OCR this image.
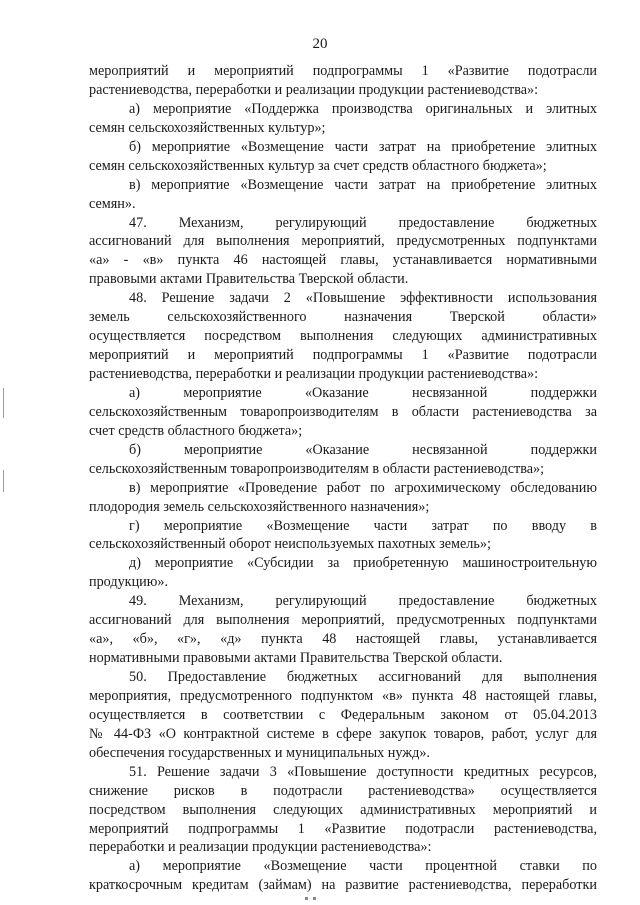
20
мероприятий и мероприятий подпрограммы 1 «Развитие подотрасли
растениеводства, переработки и реализации продукции растениеводства»:
а) мероприятие «Поддержка производства оригинальных и элитных
семян сельскохозяйственных культур»;
б) мероприятие «Возмещение части затрат на приобретение элитных
семян сельскохозяйственных культур за счет средств областного бюджета»;
в) мероприятие «Возмещение части затрат на приобретение элитных
семян».
47. Механизм, регулирующий предоставление бюджетных
ассигнований для выполнения мероприятий, предусмотренных подпунктами
«а» - «в» пункта 46 настоящей главы, устанавливается нормативными
правовыми актами Правительства Тверской области.
48. Решение задачи 2 «Повышение эффективности использования
земель сельскохозяйственного назначения Тверской области»
осуществляется посредством выполнения следующих административных
мероприятий и мероприятий подпрограммы 1 «Развитие подотрасли
растениеводства, переработки и реализации продукции растениеводства»:
а) мероприятие «Оказание несвязанной поддержки
сельскохозяйственным товаропроизводителям в области растениеводства за
счет средств областного бюджета»;
б) мероприятие «Оказание несвязанной поддержки
сельскохозяйственным товаропроизводителям в области растениеводства»;
в) мероприятие «Проведение работ по агрохимическому обследованию
плодородия земель сельскохозяйственного назначения»;
г) мероприятие «Возмещение части затрат по вводу в
сельскохозяйственный оборот неиспользуемых пахотных земель»;
д) мероприятие «Субсидии за приобретенную машиностроительную
продукцию».
49. Механизм, регулирующий предоставление бюджетных
ассигнований для выполнения мероприятий, предусмотренных подпунктами
«а», «б», «г», «д» пункта 48 настоящей главы, устанавливается
нормативными правовыми актами Правительства Тверской области.
50. Предоставление бюджетных ассигнований для выполнения
мероприятия, предусмотренного подпунктом «в» пункта 48 настоящей главы,
осуществляется в соответствии с Федеральным законом от 05.04.2013
№ 44-ФЗ «О контрактной системе в сфере закупок товаров, работ, услуг для
обеспечения государственных и муниципальных нужд».
51. Решение задачи 3 «Повышение доступности кредитных ресурсов,
снижение рисков в подотрасли растениеводства» осуществляется
посредством выполнения следующих административных мероприятий и
мероприятий подпрограммы 1 «Развитие подотрасли растениеводства,
переработки и реализации продукции растениеводства»:
а) мероприятие «Возмещение части процентной ставки по
краткосрочным кредитам (займам) на развитие растениеводства, переработки
